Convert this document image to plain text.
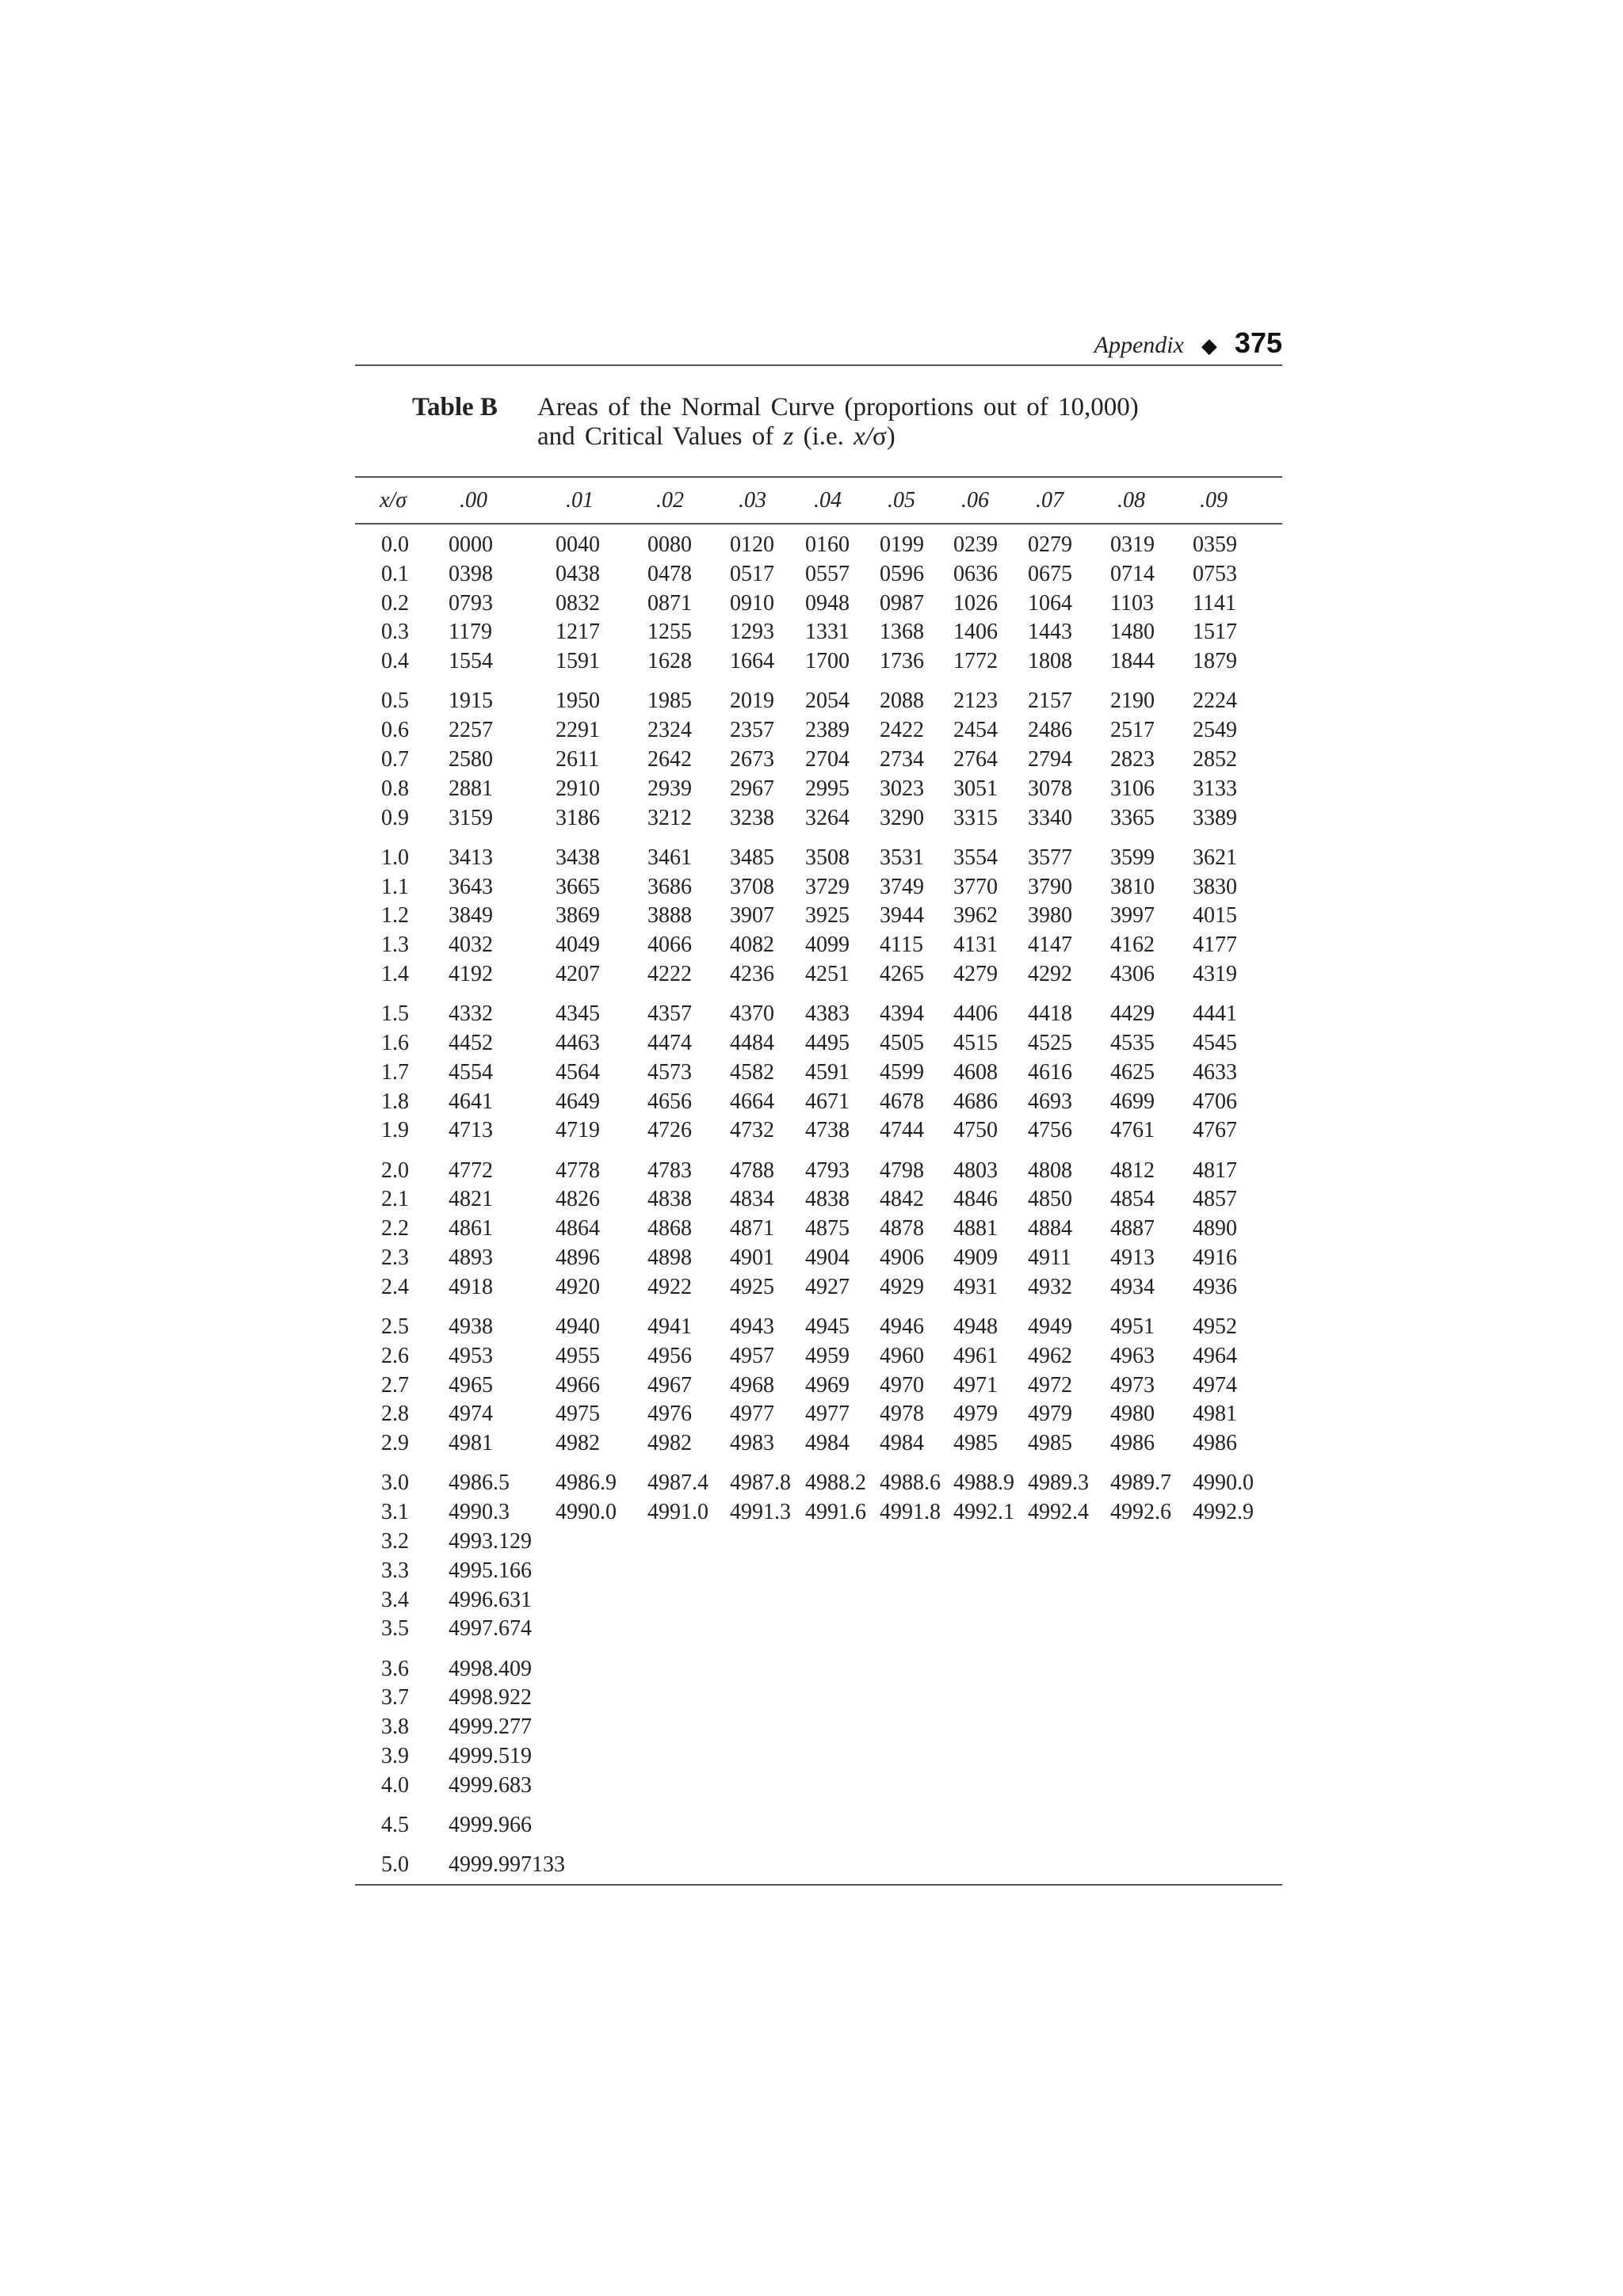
Appendix ◆ 375
Table B	Areas of the Normal Curve (proportions out of 10,000)
and Critical Values of z (i.e. x/σ)
x/σ .00	.01	.02 .03 .04 .05 .06 .07 .08 .09
0.0 0000	0040 0080 0120 0160 0199 0239 0279 0319 0359
0.1 0398	0438 0478 0517 0557 0596 0636 0675 0714 0753
0.2 0793	0832 0871 0910 0948 0987 1026 1064 1103 1141
0.3 1179	1217 1255 1293 1331 1368 1406 1443 1480 1517
0.4 1554	1591 1628 1664 1700 1736 1772 1808 1844 1879
0.5 1915	1950 1985 2019 2054 2088 2123 2157 2190 2224
0.6 2257	2291 2324 2357 2389 2422 2454 2486 2517 2549
0.7 2580	2611 2642 2673 2704 2734 2764 2794 2823 2852
0.8 2881	2910 2939 2967 2995 3023 3051 3078 3106 3133
0.9 3159	3186 3212 3238 3264 3290 3315 3340 3365 3389
1.0 3413	3438 3461 3485 3508 3531 3554 3577 3599 3621
1.1 3643	3665 3686 3708 3729 3749 3770 3790 3810 3830
1.2 3849	3869 3888 3907 3925 3944 3962 3980 3997 4015
1.3 4032	4049 4066 4082 4099 4115 4131 4147 4162 4177
1.4 4192	4207 4222 4236 4251 4265 4279 4292 4306 4319
1.5 4332	4345 4357 4370 4383 4394 4406 4418 4429 4441
1.6 4452	4463 4474 4484 4495 4505 4515 4525 4535 4545
1.7 4554	4564 4573 4582 4591 4599 4608 4616 4625 4633
1.8 4641	4649 4656 4664 4671 4678 4686 4693 4699 4706
1.9 4713	4719 4726 4732 4738 4744 4750 4756 4761 4767
2.0 4772	4778 4783 4788 4793 4798 4803 4808 4812 4817
2.1 4821	4826 4838 4834 4838 4842 4846 4850 4854 4857
2.2 4861	4864 4868 4871 4875 4878 4881 4884 4887 4890
2.3 4893	4896 4898 4901 4904 4906 4909 4911 4913 4916
2.4 4918	4920 4922 4925 4927 4929 4931 4932 4934 4936
2.5 4938	4940 4941 4943 4945 4946 4948 4949 4951 4952
2.6 4953	4955 4956 4957 4959 4960 4961 4962 4963 4964
2.7 4965	4966 4967 4968 4969 4970 4971 4972 4973 4974
2.8 4974	4975 4976 4977 4977 4978 4979 4979 4980 4981
2.9 4981	4982 4982 4983 4984 4984 4985 4985 4986 4986
3.0 4986.5 4986.9 4987.4 4987.8 4988.2 4988.6 4988.9 4989.3 4989.7 4990.0
3.1 4990.3 4990.0 4991.0 4991.3 4991.6 4991.8 4992.1 4992.4 4992.6 4992.9
3.2 4993.129
3.3 4995.166
3.4 4996.631
3.5 4997.674
3.6 4998.409
3.7 4998.922
3.8 4999.277
3.9 4999.519
4.0 4999.683
4.5 4999.966
5.0 4999.997133
